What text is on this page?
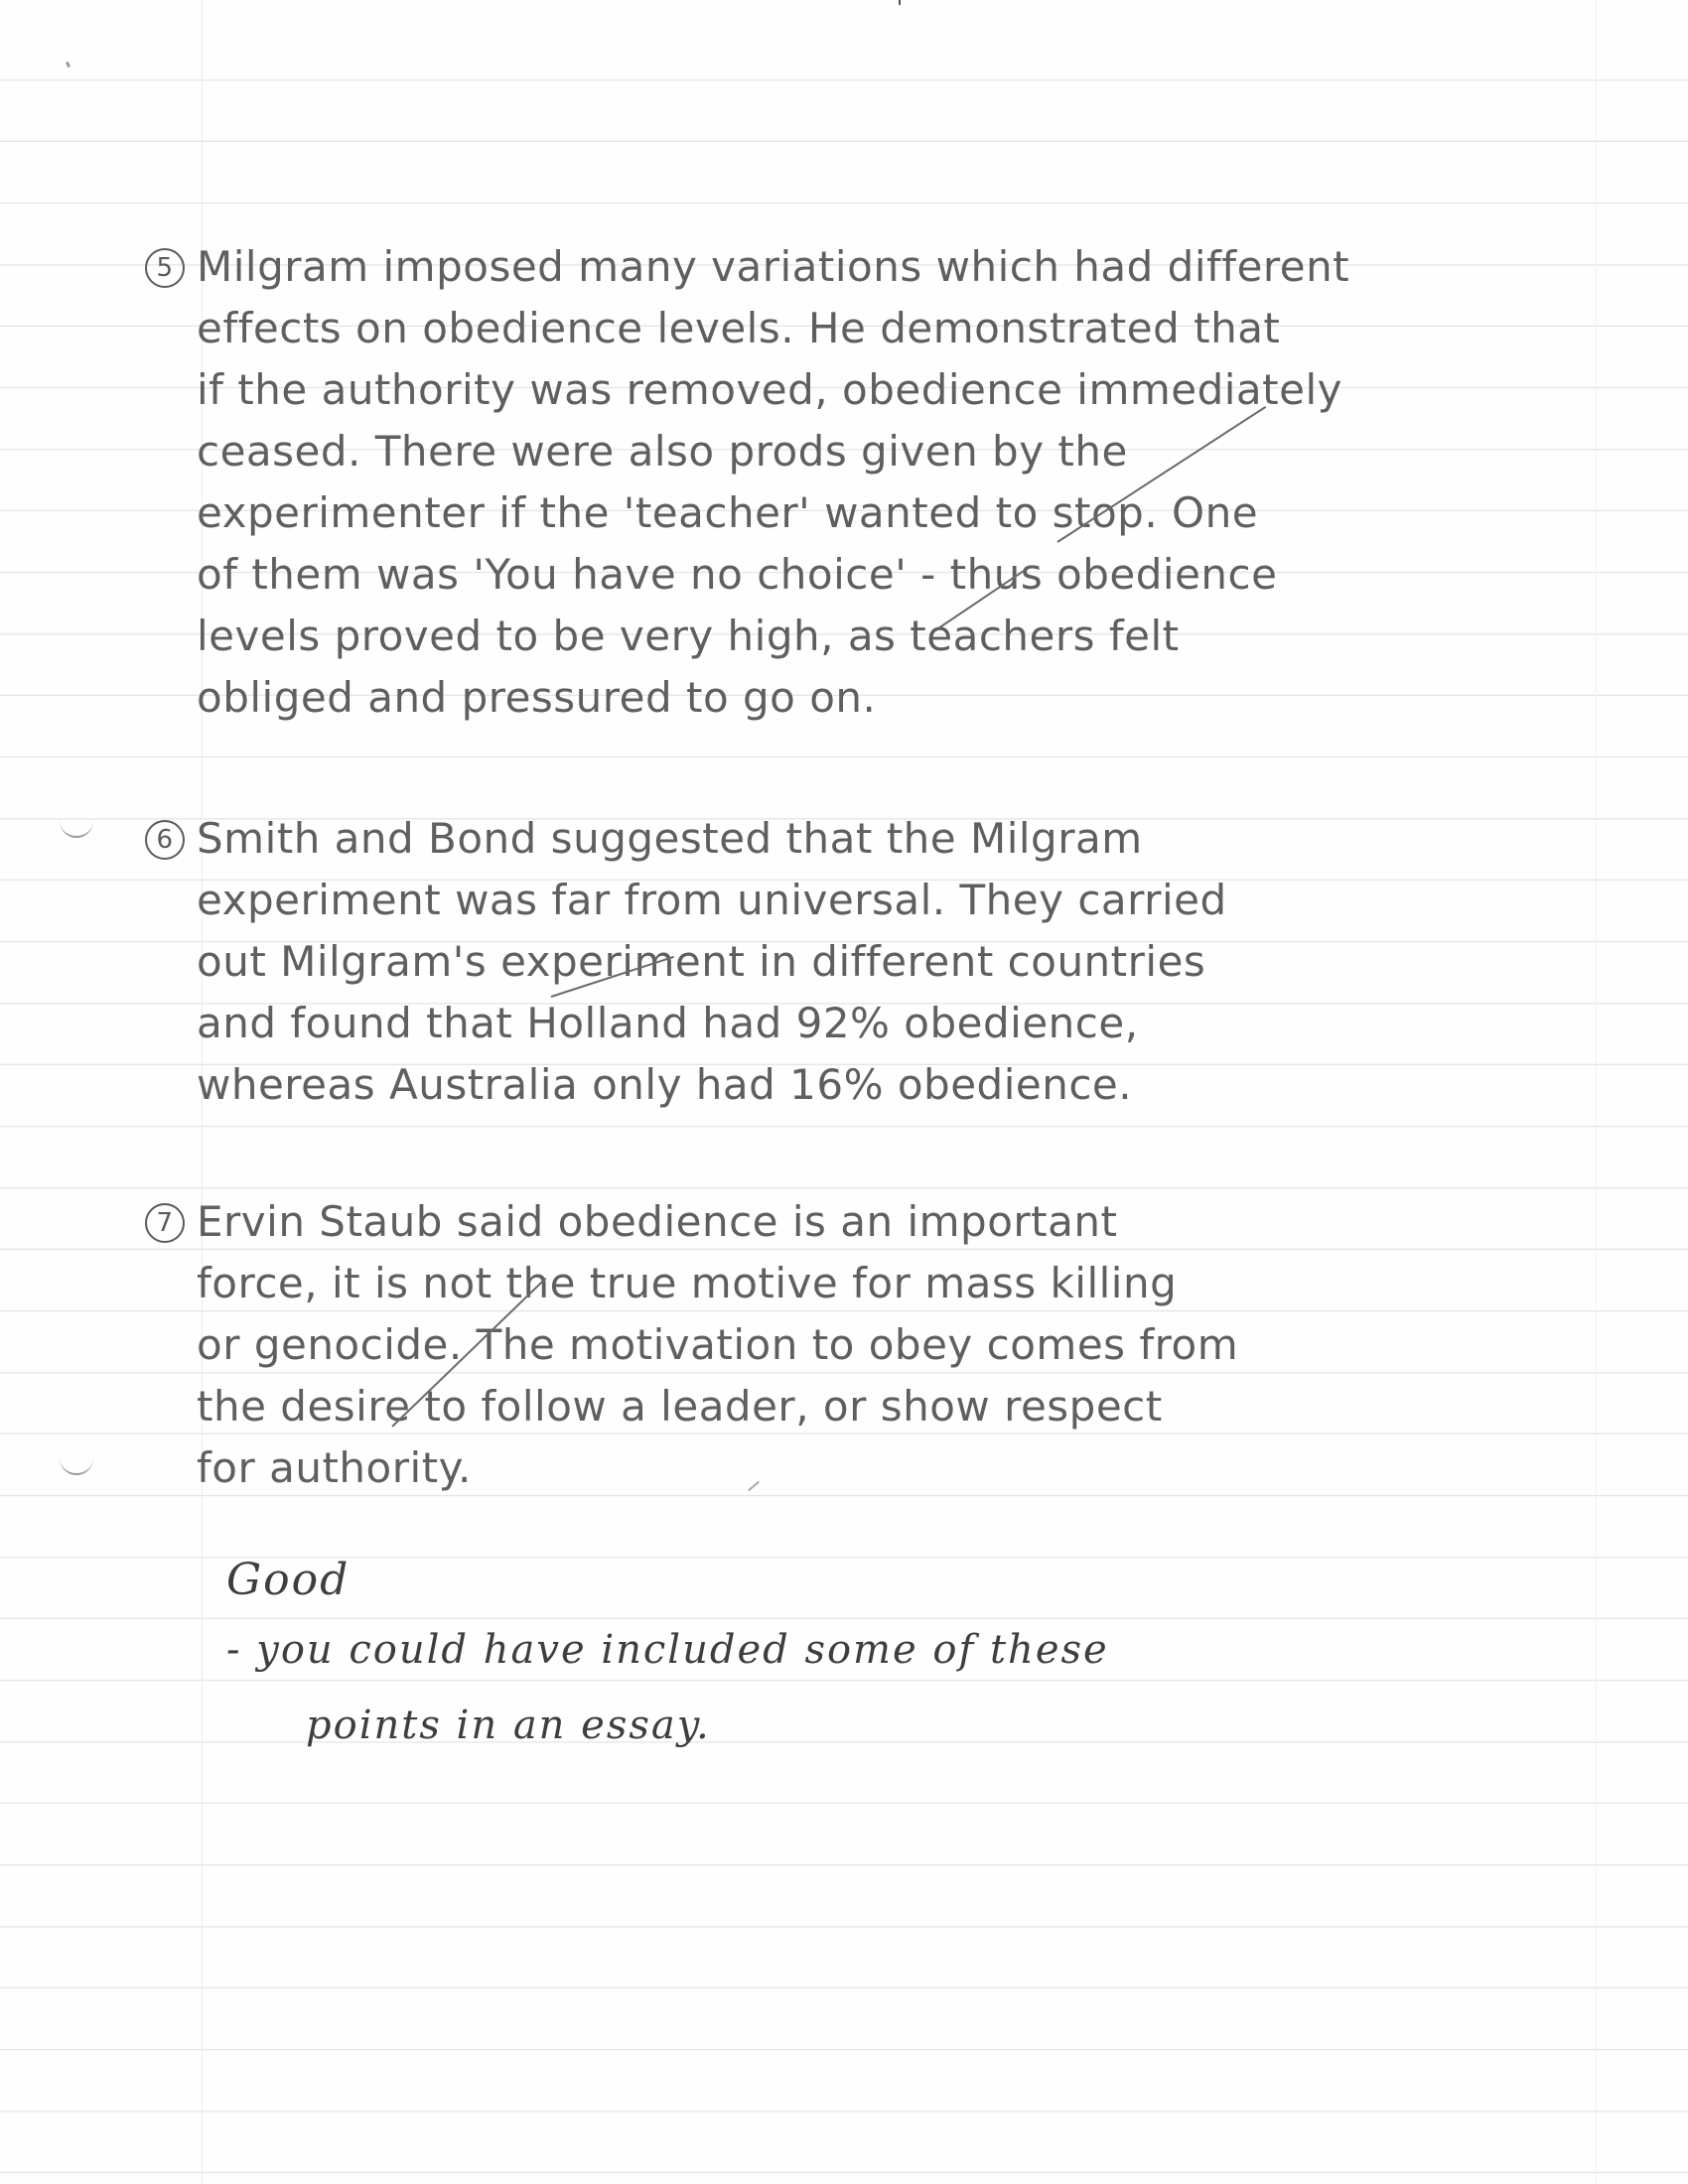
5 Milgram imposed many variations which had different
effects on obedience levels. He demonstrated that
if the authority was removed, obedience immediately
ceased. There were also prods given by the
experimenter if the 'teacher' wanted to stop. One
of them was 'You have no choice' - thus obedience
levels proved to be very high, as teachers felt
obliged and pressured to go on.
6 Smith and Bond suggested that the Milgram
experiment was far from universal. They carried
out Milgram's experiment in different countries
and found that Holland had 92% obedience,
whereas Australia only had 16% obedience.
7 Ervin Staub said obedience is an important
force, it is not the true motive for mass killing
or genocide. The motivation to obey comes from
the desire to follow a leader, or show respect
for authority.
Good
- you could have included some of these
points in an essay.
